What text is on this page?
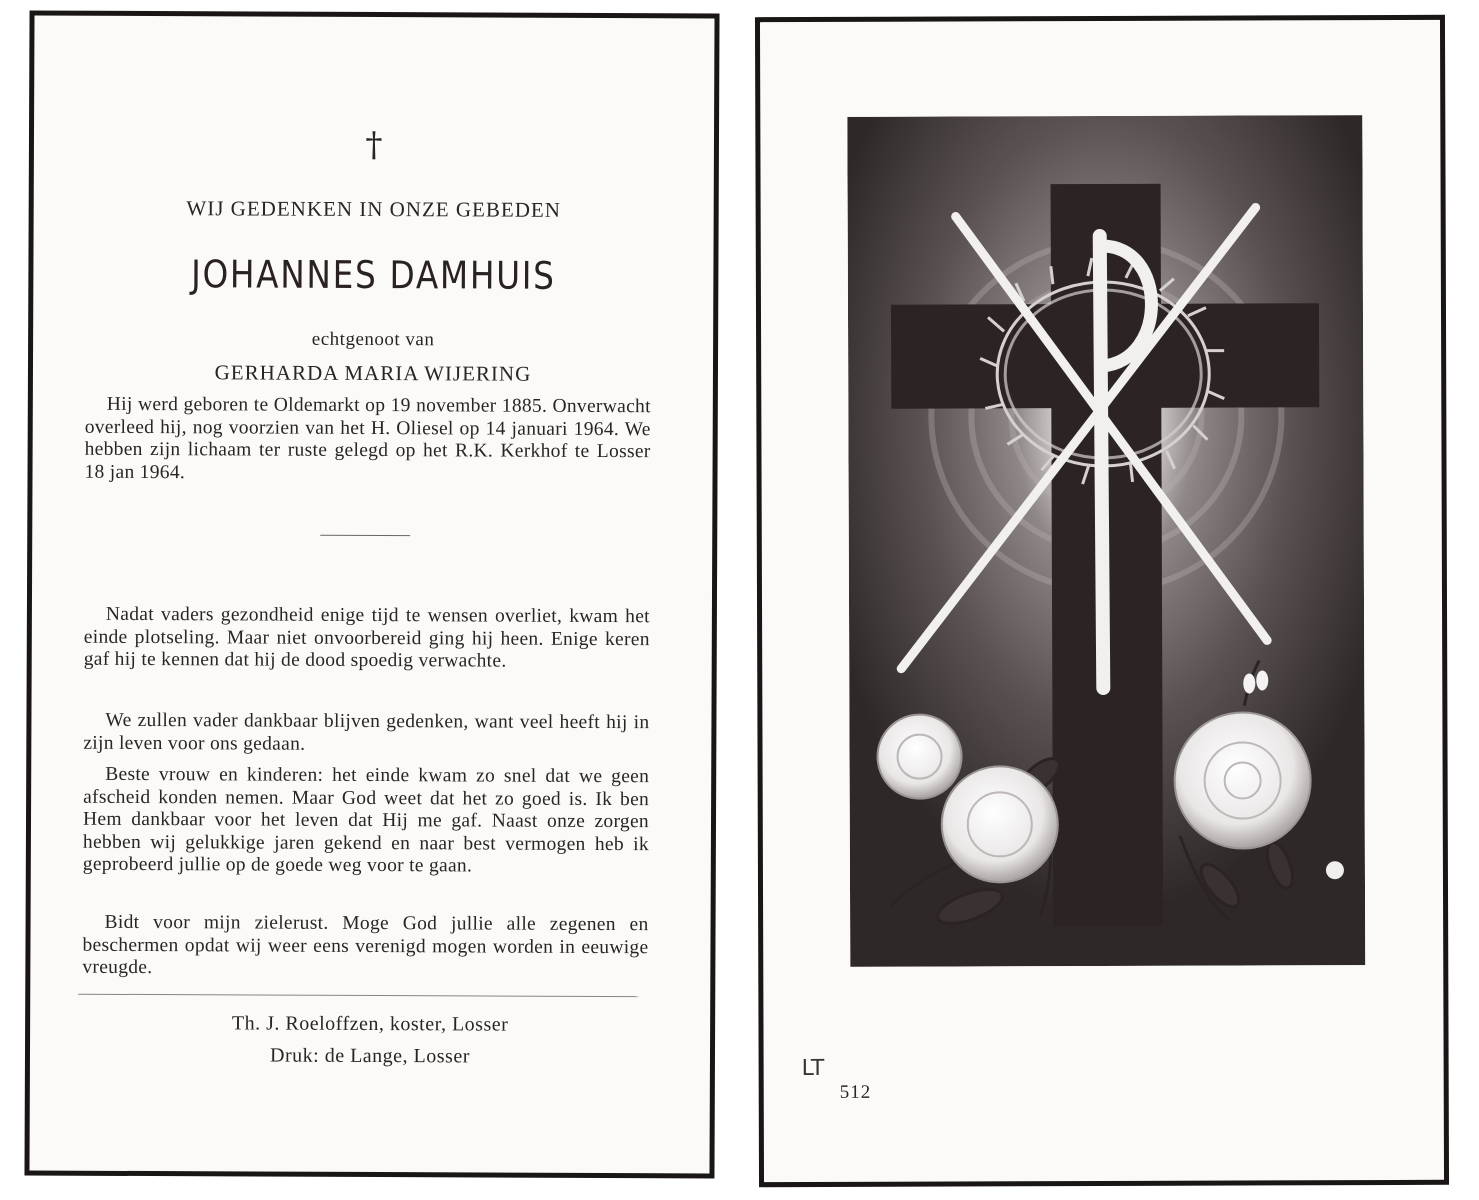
†
WIJ GEDENKEN IN ONZE GEBEDEN
JOHANNES DAMHUIS
echtgenoot van
GERHARDA MARIA WIJERING

Hij werd geboren te Oldemarkt op 19 november 1885. Onverwacht overleed hij, nog voorzien van het H. Oliesel op 14 januari 1964. We hebben zijn lichaam ter ruste gelegd op het R.K. Kerkhof te Losser 18 jan 1964.

Nadat vaders gezondheid enige tijd te wensen overliet, kwam het einde plotseling. Maar niet onvoorbereid ging hij heen. Enige keren gaf hij te kennen dat hij de dood spoedig verwachte.

We zullen vader dankbaar blijven gedenken, want veel heeft hij in zijn leven voor ons gedaan.

Beste vrouw en kinderen: het einde kwam zo snel dat we geen afscheid konden nemen. Maar God weet dat het zo goed is. Ik ben Hem dankbaar voor het leven dat Hij me gaf. Naast onze zorgen hebben wij gelukkige jaren gekend en naar best vermogen heb ik geprobeerd jullie op de goede weg voor te gaan.

Bidt voor mijn zielerust. Moge God jullie alle zegenen en beschermen opdat wij weer eens verenigd mogen worden in eeuwige vreugde.

Th. J. Roeloffzen, koster, Losser
Druk: de Lange, Losser	LT
512
